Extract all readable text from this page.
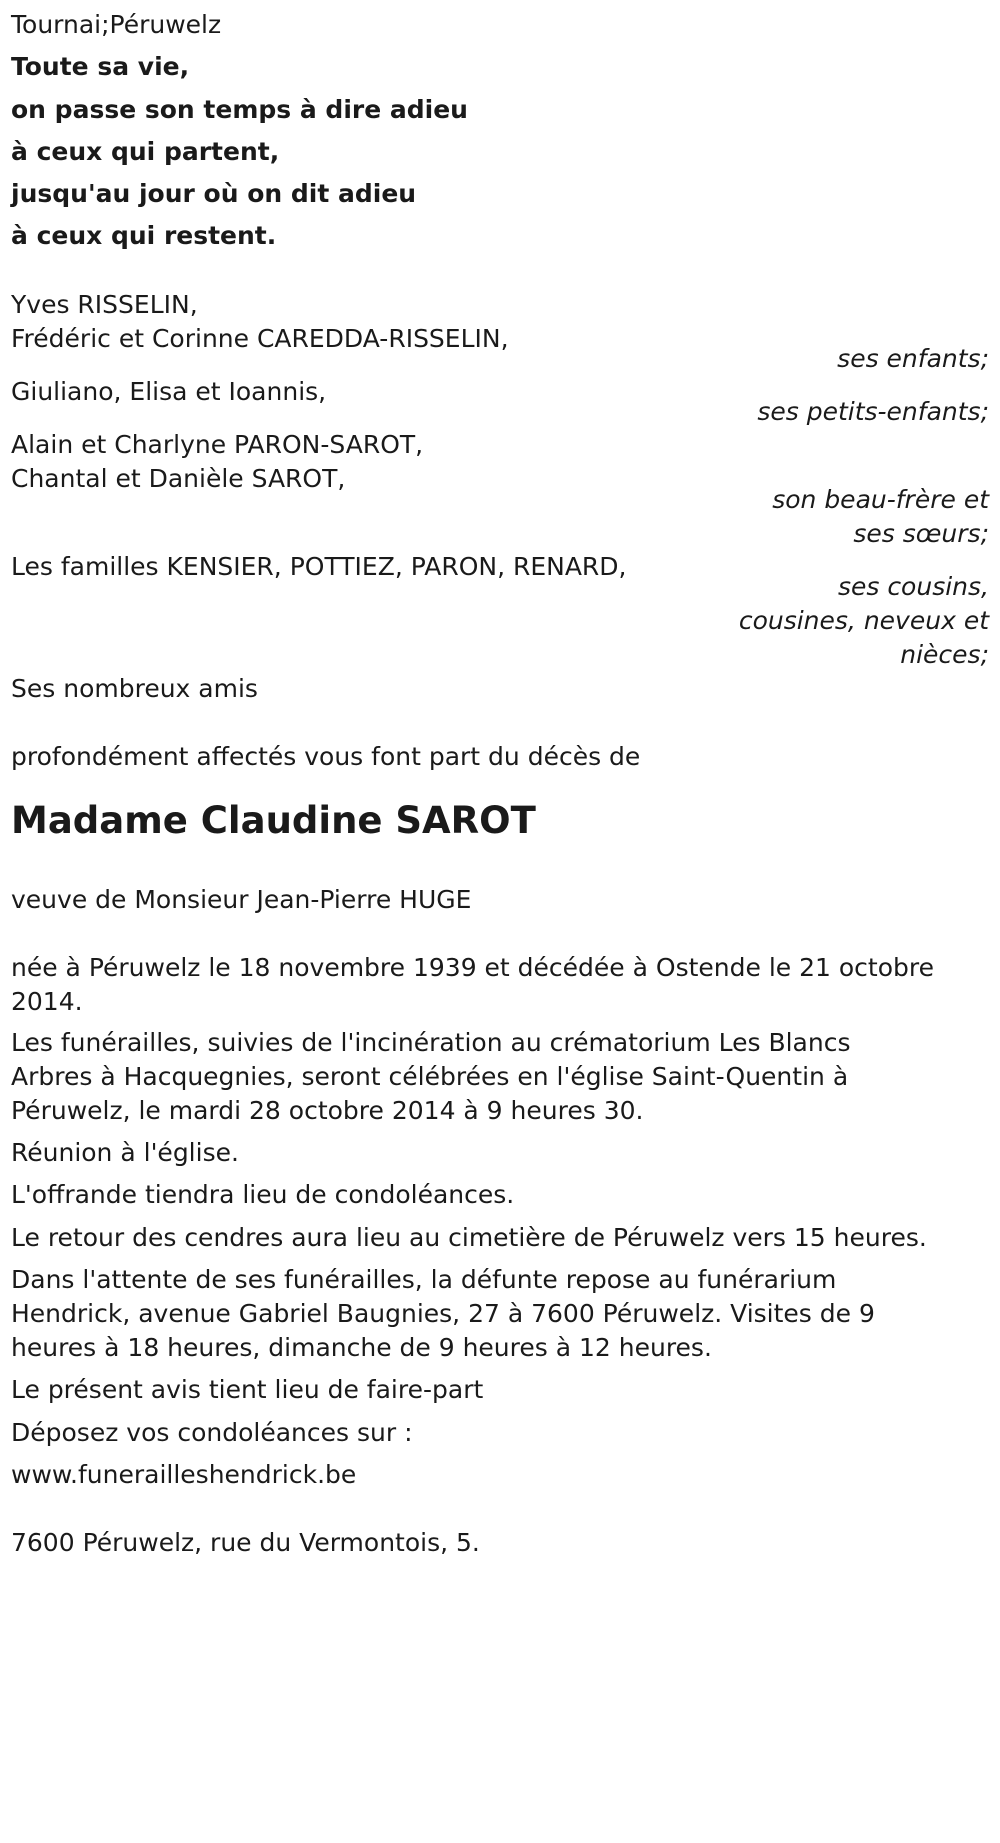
Tournai;Péruwelz

Toute sa vie,

on passe son temps à dire adieu

à ceux qui partent,

jusqu'au jour où on dit adieu

à ceux qui restent.

Yves RISSELIN,

Frédéric et Corinne CAREDDA-RISSELIN,

ses enfants;

Giuliano, Elisa et Ioannis,

ses petits-enfants;

Alain et Charlyne PARON-SAROT,

Chantal et Danièle SAROT,

son beau-frère et

ses sœurs;

Les familles KENSIER, POTTIEZ, PARON, RENARD,

ses cousins,

cousines, neveux et

nièces;

Ses nombreux amis

profondément affectés vous font part du décès de

Madame Claudine SAROT

veuve de Monsieur Jean-Pierre HUGE

née à Péruwelz le 18 novembre 1939 et décédée à Ostende le 21 octobre

2014.

Les funérailles, suivies de l'incinération au crématorium Les Blancs

Arbres à Hacquegnies, seront célébrées en l'église Saint-Quentin à

Péruwelz, le mardi 28 octobre 2014 à 9 heures 30.

Réunion à l'église.

L'offrande tiendra lieu de condoléances.

Le retour des cendres aura lieu au cimetière de Péruwelz vers 15 heures.

Dans l'attente de ses funérailles, la défunte repose au funérarium

Hendrick, avenue Gabriel Baugnies, 27 à 7600 Péruwelz. Visites de 9

heures à 18 heures, dimanche de 9 heures à 12 heures.

Le présent avis tient lieu de faire-part

Déposez vos condoléances sur :

www.funerailleshendrick.be

7600 Péruwelz, rue du Vermontois, 5.
